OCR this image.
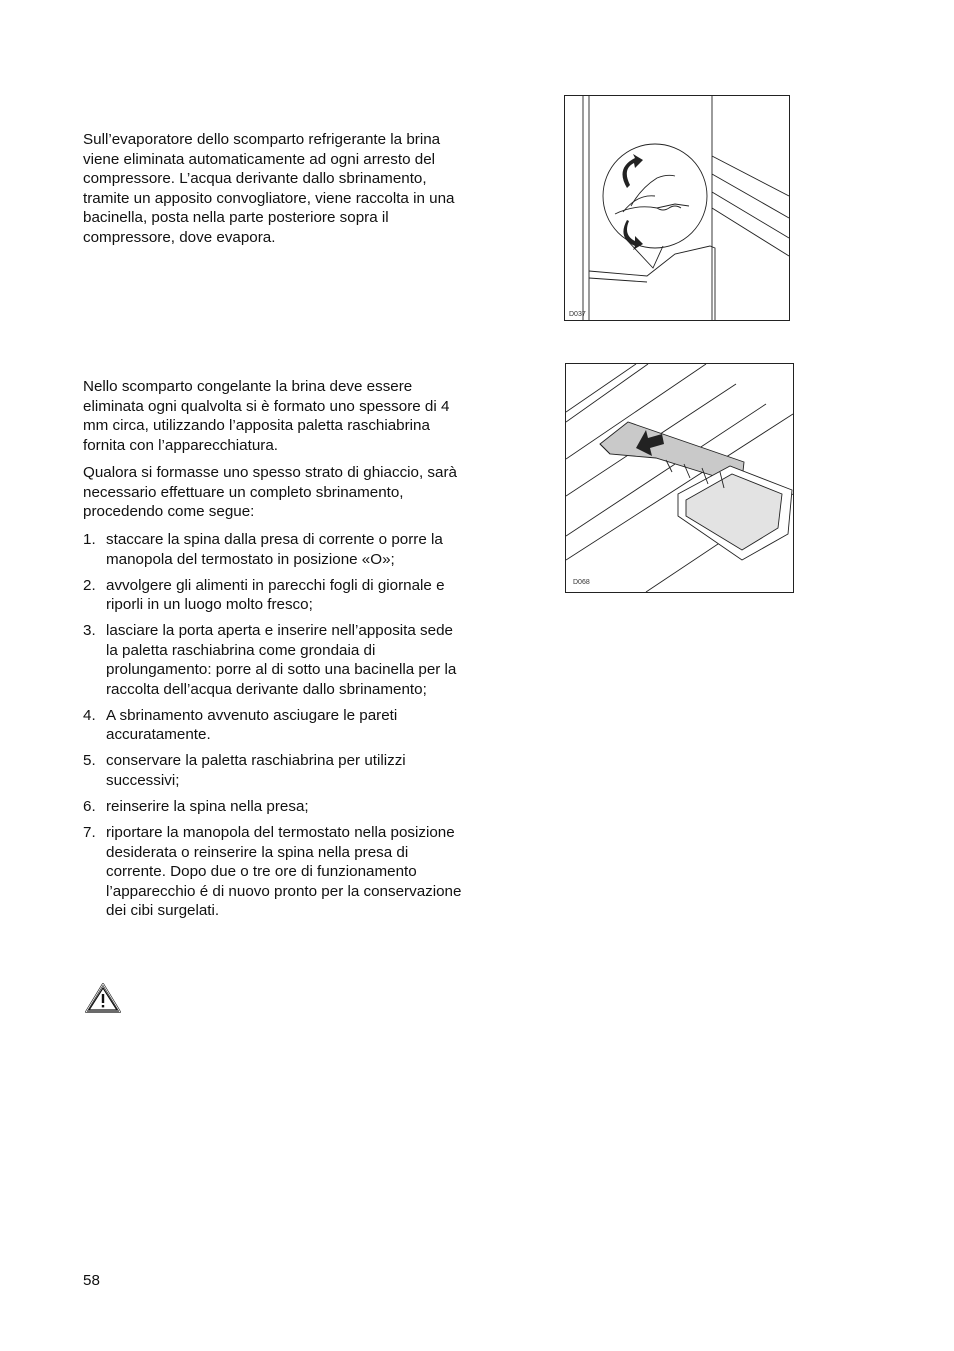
Sull’evaporatore dello scomparto refrigerante la brina viene eliminata automaticamente ad ogni arresto del compressore. L’acqua derivante dallo sbrinamento, tramite un apposito convogliatore, viene raccolta in una bacinella, posta nella parte posteriore sopra il compressore, dove evapora.

Nello scomparto congelante la brina deve essere eliminata ogni qualvolta si è formato uno spessore di 4 mm circa, utilizzando l’apposita paletta raschiabrina fornita con l’apparecchiatura.

Qualora si formasse uno spesso strato di ghiaccio, sarà necessario effettuare un completo sbrinamento, procedendo come segue:

1. staccare la spina dalla presa di corrente o porre la manopola del termostato in posizione «O»;
2. avvolgere gli alimenti in parecchi fogli di giornale e riporli in un luogo molto fresco;
3. lasciare la porta aperta e inserire nell’apposita sede la paletta raschiabrina come grondaia di prolungamento: porre al di sotto una bacinella per la raccolta dell’acqua derivante dallo sbrinamento;
4. A sbrinamento avvenuto asciugare le pareti accuratamente.
5. conservare la paletta raschiabrina per utilizzi successivi;
6. reinserire la spina nella presa;
7. riportare la manopola del termostato nella posizione desiderata o reinserire la spina nella presa di corrente. Dopo due o tre ore di funzionamento l’apparecchio é di nuovo pronto per la conservazione dei cibi surgelati.
D037
D068
58
